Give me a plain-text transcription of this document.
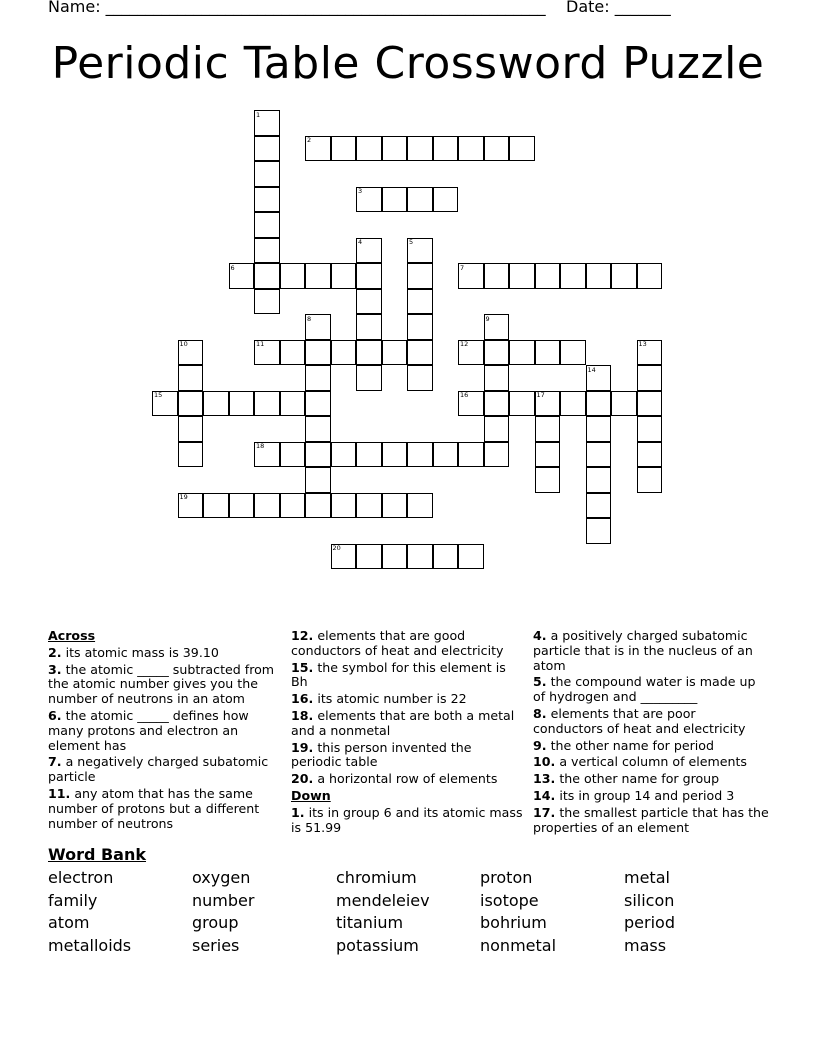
Name: _______________________________________________________    Date: _______
Periodic Table Crossword Puzzle
1
2
3
4	5
6	7
8	9
10	11	12	13
14
15	16	17
18
19
20
Across

2. its atomic mass is 39.10

3. the atomic _____ subtracted from the atomic number gives you the number of neutrons in an atom

6. the atomic _____ defines how many protons and electron an element has

7. a negatively charged subatomic particle

11. any atom that has the same number of protons but a different number of neutrons

12. elements that are good conductors of heat and electricity

15. the symbol for this element is Bh

16. its atomic number is 22

18. elements that are both a metal and a nonmetal

19. this person invented the periodic table

20. a horizontal row of elements

Down

1. its in group 6 and its atomic mass is 51.99

4. a positively charged subatomic particle that is in the nucleus of an atom

5. the compound water is made up of hydrogen and _________

8. elements that are poor conductors of heat and electricity

9. the other name for period

10. a vertical column of elements

13. the other name for group

14. its in group 14 and period 3

17. the smallest particle that has the properties of an element

Word Bank
electron	oxygen	chromium	proton	metal
family	number	mendeleiev	isotope	silicon
atom	group	titanium	bohrium	period
metalloids	series	potassium	nonmetal	mass
